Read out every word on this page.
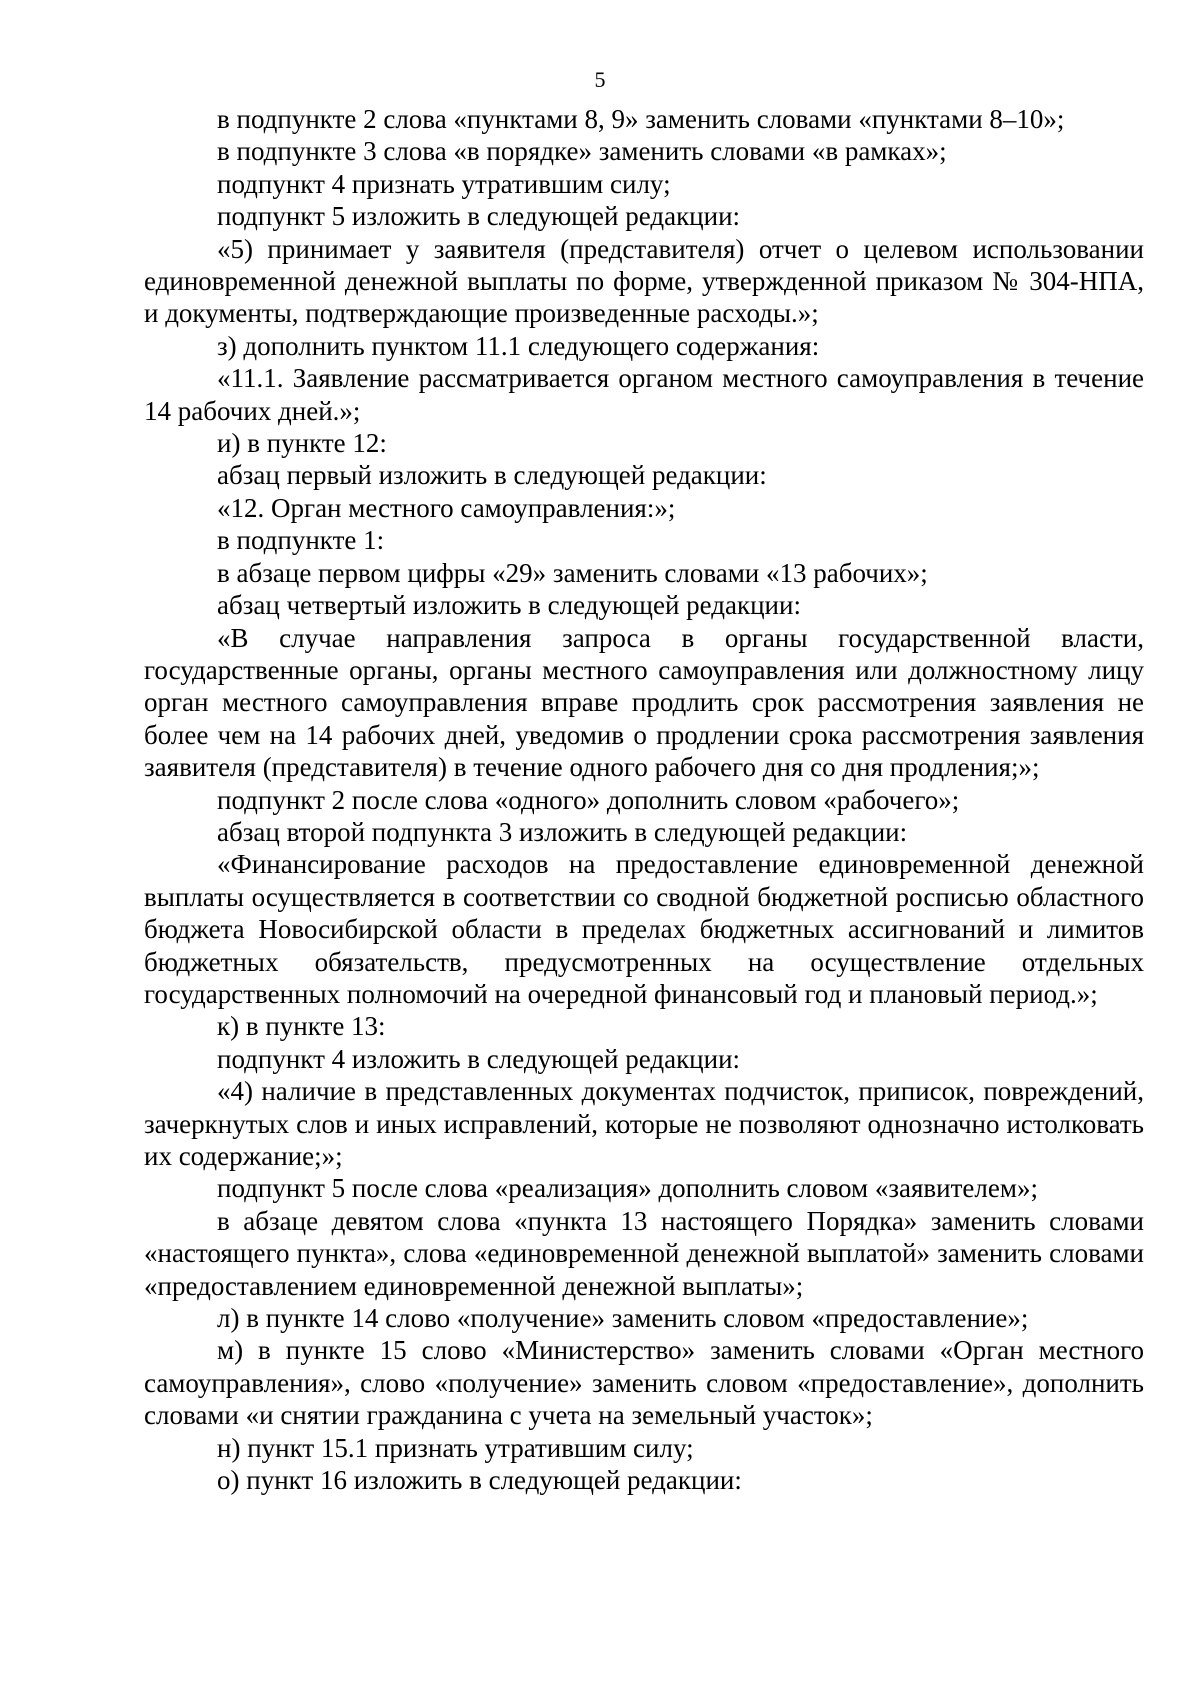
5

в подпункте 2 слова «пунктами 8, 9» заменить словами «пунктами 8–10»;

в подпункте 3 слова «в порядке» заменить словами «в рамках»;

подпункт 4 признать утратившим силу;

подпункт 5 изложить в следующей редакции:

«5) принимает у заявителя (представителя) отчет о целевом использовании единовременной денежной выплаты по форме, утвержденной приказом № 304-НПА, и документы, подтверждающие произведенные расходы.»;

з) дополнить пунктом 11.1 следующего содержания:

«11.1. Заявление рассматривается органом местного самоуправления в течение 14 рабочих дней.»;

и) в пункте 12:

абзац первый изложить в следующей редакции:

«12. Орган местного самоуправления:»;

в подпункте 1:

в абзаце первом цифры «29» заменить словами «13 рабочих»;

абзац четвертый изложить в следующей редакции:

«В случае направления запроса в органы государственной власти, государственные органы, органы местного самоуправления или должностному лицу орган местного самоуправления вправе продлить срок рассмотрения заявления не более чем на 14 рабочих дней, уведомив о продлении срока рассмотрения заявления заявителя (представителя) в течение одного рабочего дня со дня продления;»;

подпункт 2 после слова «одного» дополнить словом «рабочего»;

абзац второй подпункта 3 изложить в следующей редакции:

«Финансирование расходов на предоставление единовременной денежной выплаты осуществляется в соответствии со сводной бюджетной росписью областного бюджета Новосибирской области в пределах бюджетных ассигнований и лимитов бюджетных обязательств, предусмотренных на осуществление отдельных государственных полномочий на очередной финансовый год и плановый период.»;

к) в пункте 13:

подпункт 4 изложить в следующей редакции:

«4) наличие в представленных документах подчисток, приписок, повреждений, зачеркнутых слов и иных исправлений, которые не позволяют однозначно истолковать их содержание;»;

подпункт 5 после слова «реализация» дополнить словом «заявителем»;

в абзаце девятом слова «пункта 13 настоящего Порядка» заменить словами «настоящего пункта», слова «единовременной денежной выплатой» заменить словами «предоставлением единовременной денежной выплаты»;

л) в пункте 14 слово «получение» заменить словом «предоставление»;

м) в пункте 15 слово «Министерство» заменить словами «Орган местного самоуправления», слово «получение» заменить словом «предоставление», дополнить словами «и снятии гражданина с учета на земельный участок»;

н) пункт 15.1 признать утратившим силу;

о) пункт 16 изложить в следующей редакции:
